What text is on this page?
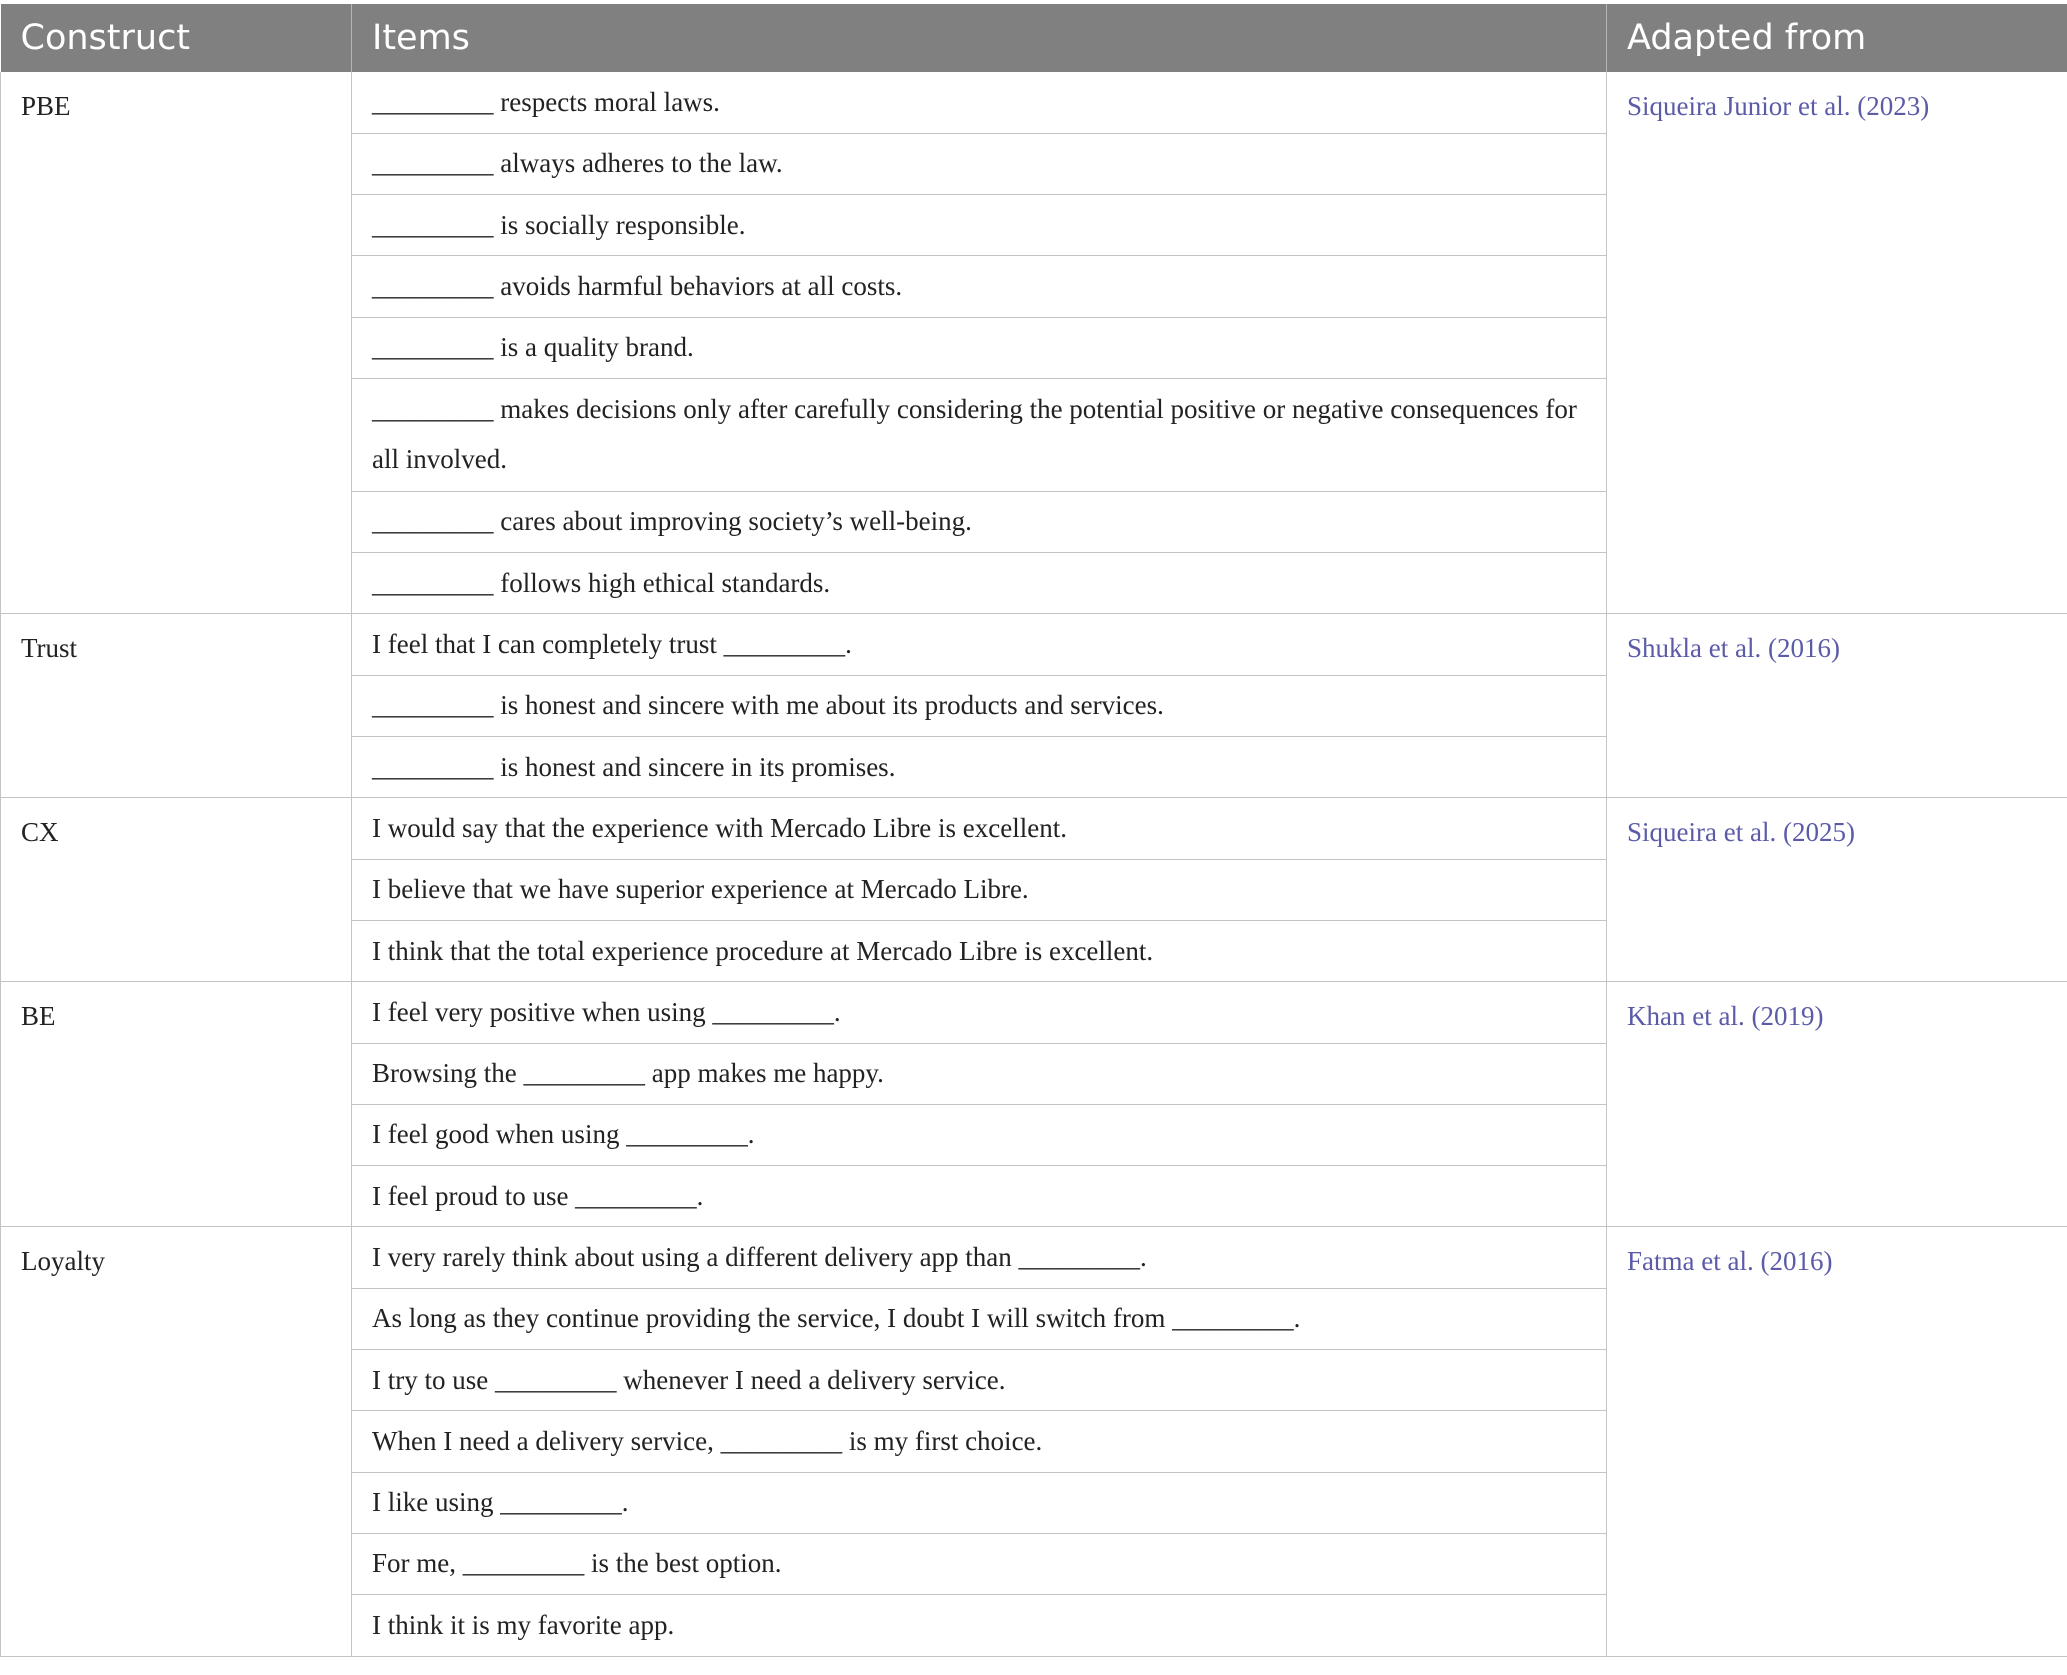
Construct	Items	Adapted from
PBE	_________ respects moral laws.	Siqueira Junior et al. (2023)
	_________ always adheres to the law.	
	_________ is socially responsible.	
	_________ avoids harmful behaviors at all costs.	
	_________ is a quality brand.	
	_________ makes decisions only after carefully considering the potential positive or negative consequences for all involved.	
	_________ cares about improving society’s well-being.	
	_________ follows high ethical standards.	
Trust	I feel that I can completely trust _________.	Shukla et al. (2016)
	_________ is honest and sincere with me about its products and services.	
	_________ is honest and sincere in its promises.	
CX	I would say that the experience with Mercado Libre is excellent.	Siqueira et al. (2025)
	I believe that we have superior experience at Mercado Libre.	
	I think that the total experience procedure at Mercado Libre is excellent.	
BE	I feel very positive when using _________.	Khan et al. (2019)
	Browsing the _________ app makes me happy.	
	I feel good when using _________.	
	I feel proud to use _________.	
Loyalty	I very rarely think about using a different delivery app than _________.	Fatma et al. (2016)
	As long as they continue providing the service, I doubt I will switch from _________.	
	I try to use _________ whenever I need a delivery service.	
	When I need a delivery service, _________ is my first choice.	
	I like using _________.	
	For me, _________ is the best option.	
	I think it is my favorite app.	
